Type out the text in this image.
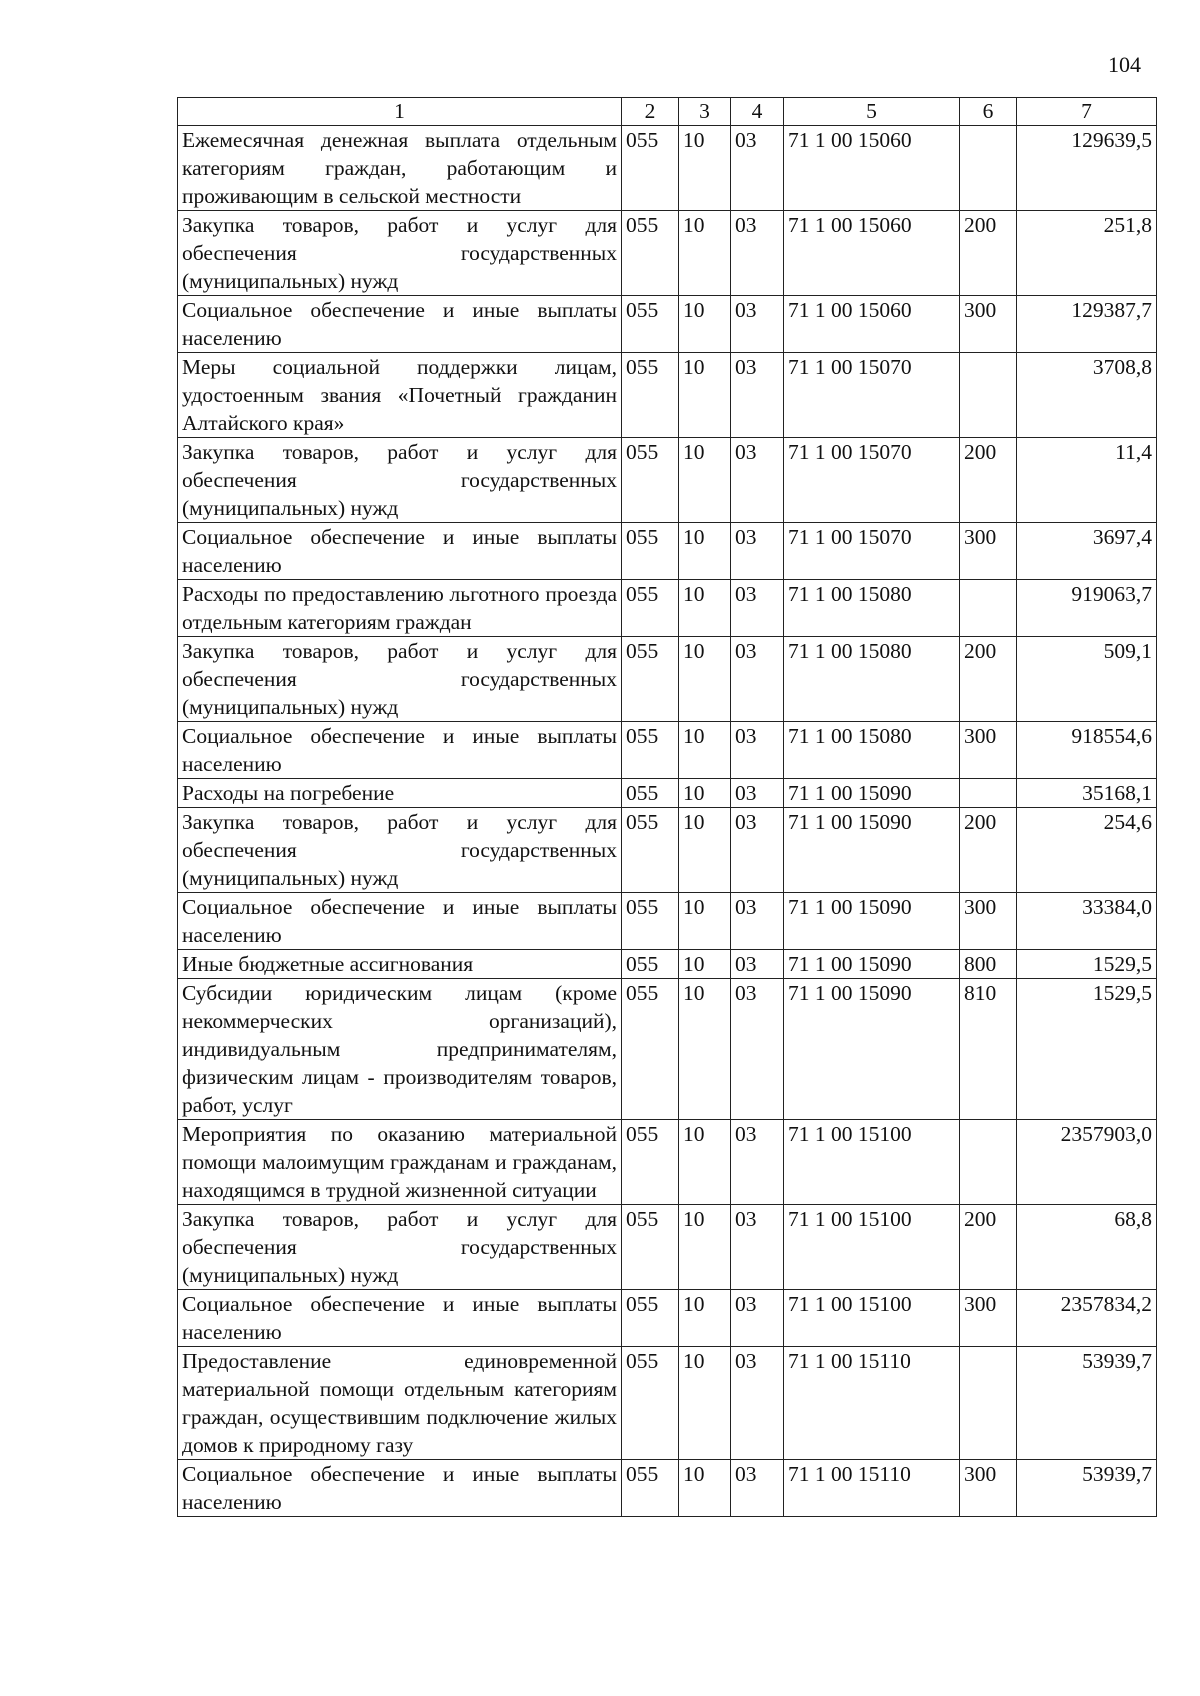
104
1	2	3	4	5	6	7
Ежемесячная денежная выплата отдельным категориям граждан, работающим и проживающим в сельской местности	055	10	03	71 1 00 15060		129639,5
Закупка товаров, работ и услуг для обеспечения государственных (муниципальных) нужд	055	10	03	71 1 00 15060	200	251,8
Социальное обеспечение и иные выплаты населению	055	10	03	71 1 00 15060	300	129387,7
Меры социальной поддержки лицам, удостоенным звания «Почетный гражданин Алтайского края»	055	10	03	71 1 00 15070		3708,8
Закупка товаров, работ и услуг для обеспечения государственных (муниципальных) нужд	055	10	03	71 1 00 15070	200	11,4
Социальное обеспечение и иные выплаты населению	055	10	03	71 1 00 15070	300	3697,4
Расходы по предоставлению льготного проезда отдельным категориям граждан	055	10	03	71 1 00 15080		919063,7
Закупка товаров, работ и услуг для обеспечения государственных (муниципальных) нужд	055	10	03	71 1 00 15080	200	509,1
Социальное обеспечение и иные выплаты населению	055	10	03	71 1 00 15080	300	918554,6
Расходы на погребение	055	10	03	71 1 00 15090		35168,1
Закупка товаров, работ и услуг для обеспечения государственных (муниципальных) нужд	055	10	03	71 1 00 15090	200	254,6
Социальное обеспечение и иные выплаты населению	055	10	03	71 1 00 15090	300	33384,0
Иные бюджетные ассигнования	055	10	03	71 1 00 15090	800	1529,5
Субсидии юридическим лицам (кроме некоммерческих организаций), индивидуальным предпринимателям, физическим лицам - производителям товаров, работ, услуг	055	10	03	71 1 00 15090	810	1529,5
Мероприятия по оказанию материальной помощи малоимущим гражданам и гражданам, находящимся в трудной жизненной ситуации	055	10	03	71 1 00 15100		2357903,0
Закупка товаров, работ и услуг для обеспечения государственных (муниципальных) нужд	055	10	03	71 1 00 15100	200	68,8
Социальное обеспечение и иные выплаты населению	055	10	03	71 1 00 15100	300	2357834,2
Предоставление единовременной материальной помощи отдельным категориям граждан, осуществившим подключение жилых домов к природному газу	055	10	03	71 1 00 15110		53939,7
Социальное обеспечение и иные выплаты населению	055	10	03	71 1 00 15110	300	53939,7
